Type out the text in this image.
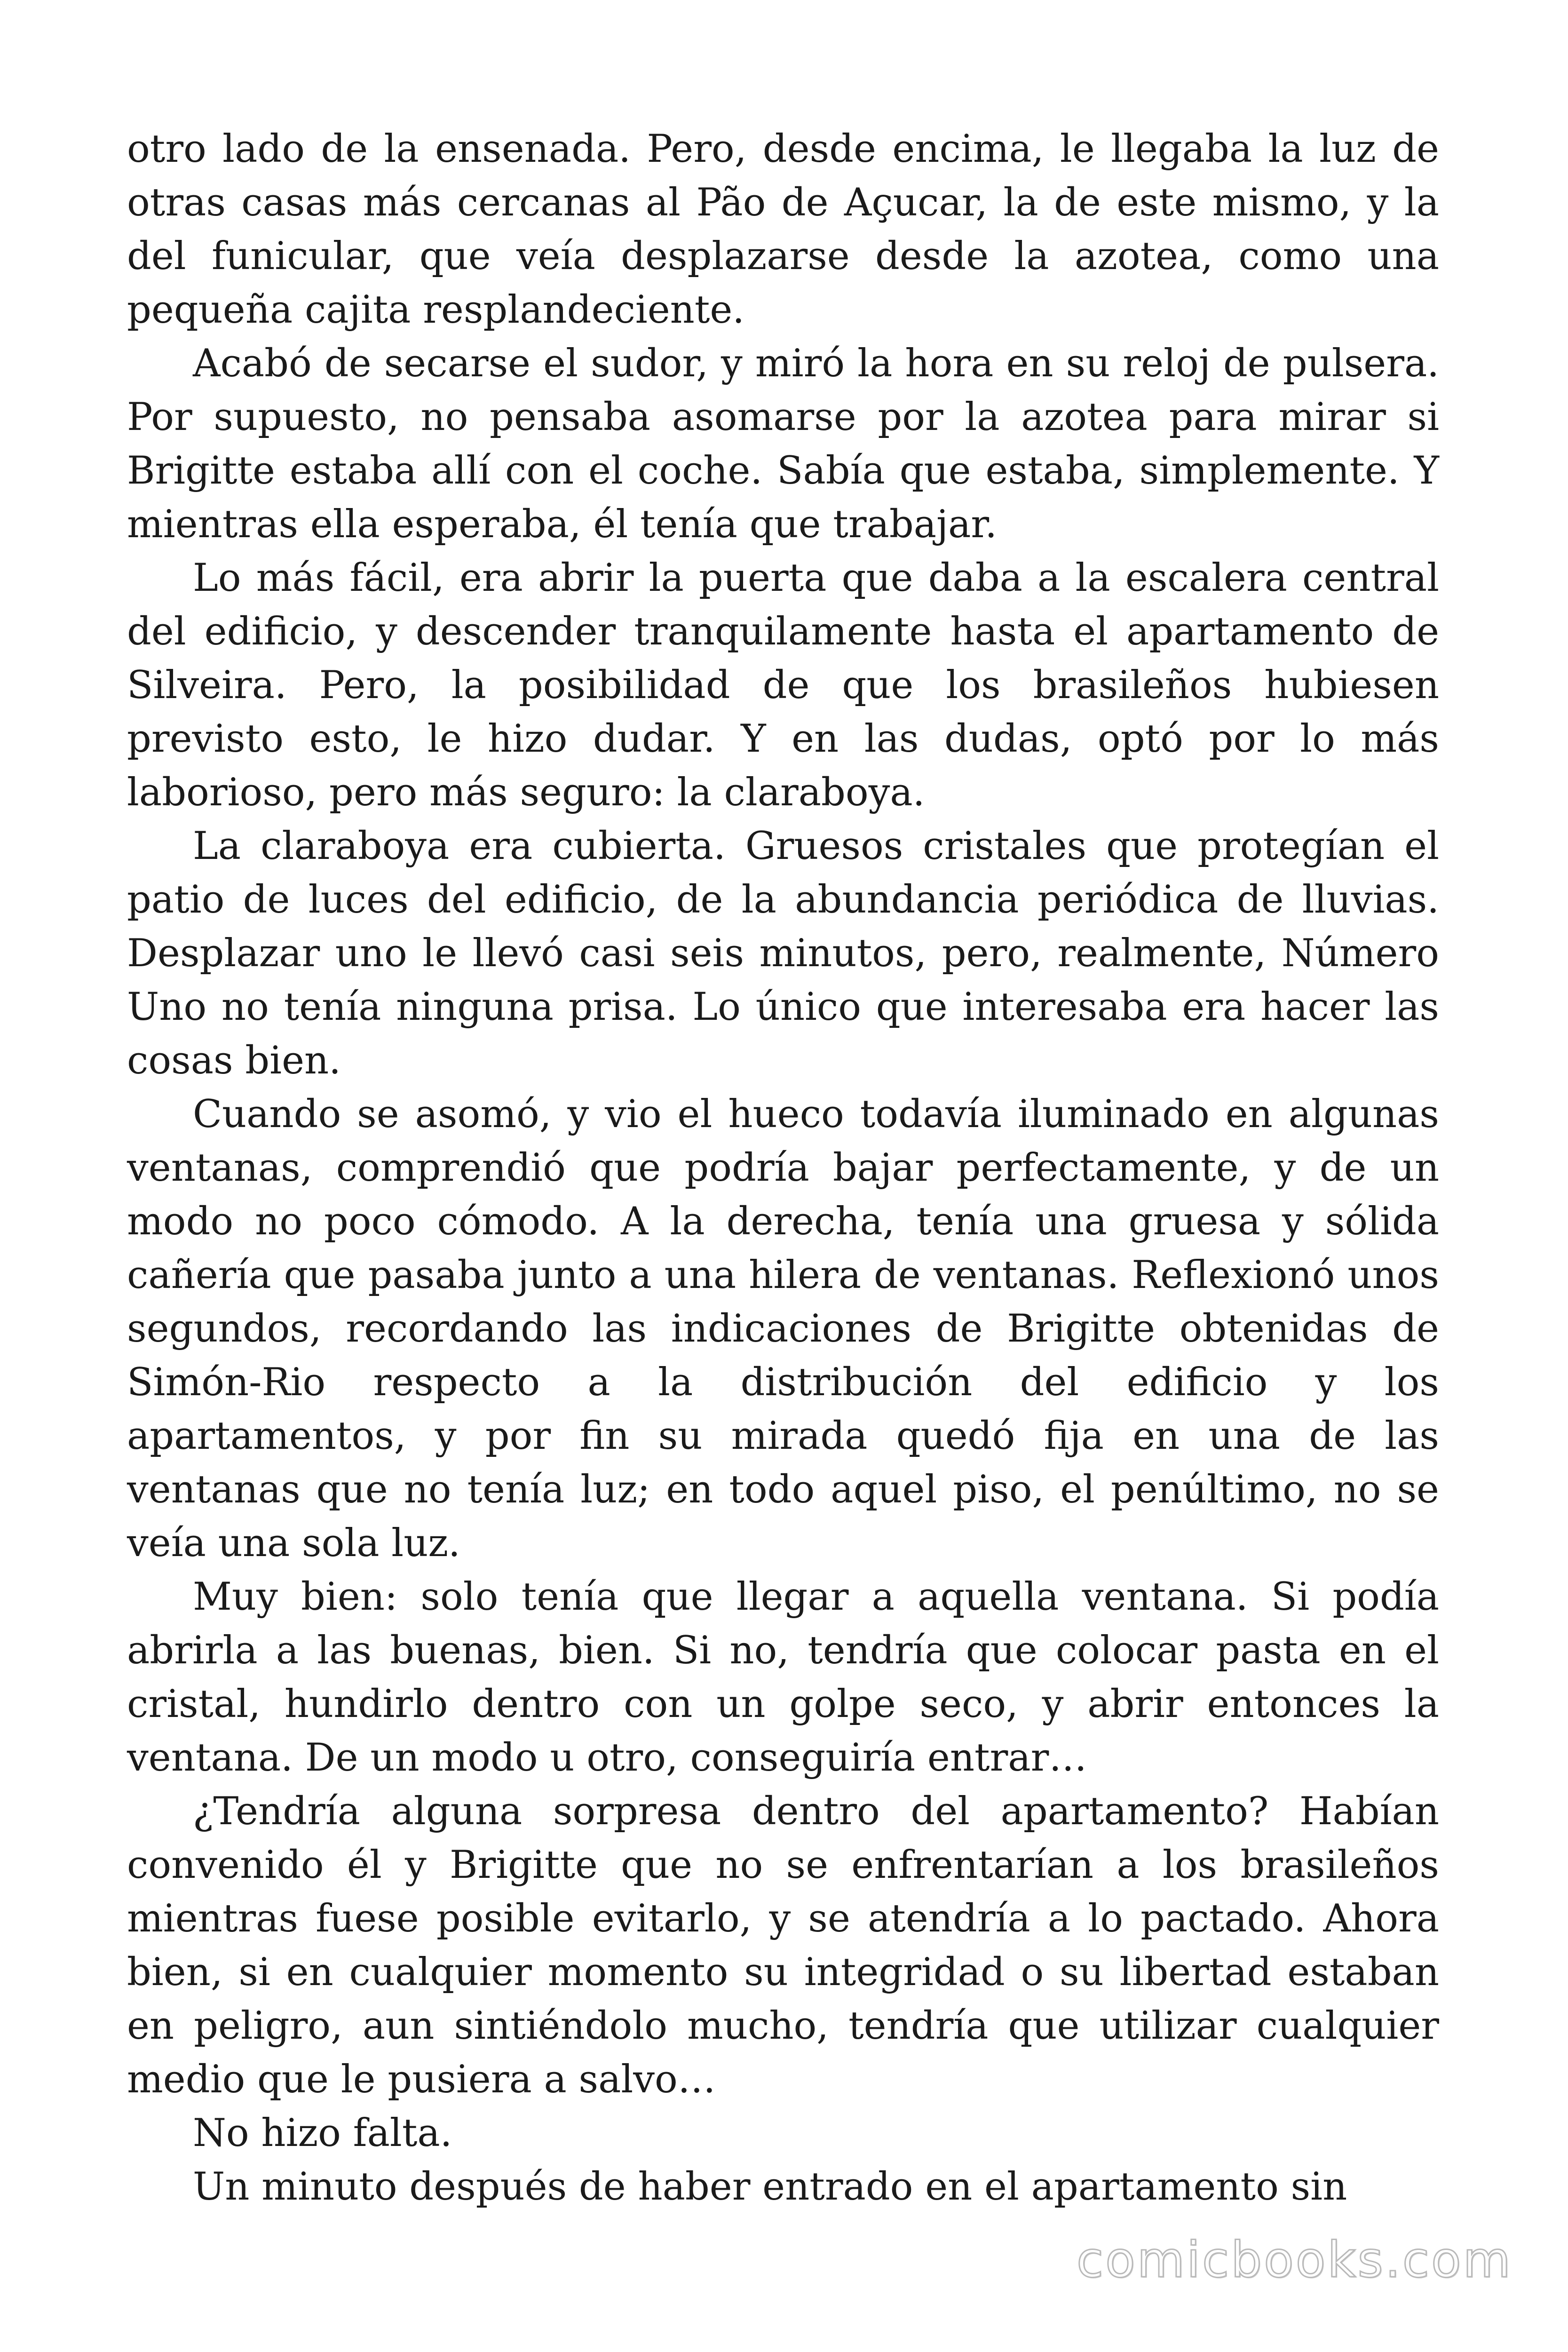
otro lado de la ensenada. Pero, desde encima, le llegaba la luz de otras casas más cercanas al Pão de Açucar, la de este mismo, y la del funicular, que veía desplazarse desde la azotea, como una pequeña cajita resplandeciente.

Acabó de secarse el sudor, y miró la hora en su reloj de pulsera. Por supuesto, no pensaba asomarse por la azotea para mirar si Brigitte estaba allí con el coche. Sabía que estaba, simplemente. Y mientras ella esperaba, él tenía que trabajar.

Lo más fácil, era abrir la puerta que daba a la escalera central del edificio, y descender tranquilamente hasta el apartamento de Silveira. Pero, la posibilidad de que los brasileños hubiesen previsto esto, le hizo dudar. Y en las dudas, optó por lo más laborioso, pero más seguro: la claraboya.

La claraboya era cubierta. Gruesos cristales que protegían el patio de luces del edificio, de la abundancia periódica de lluvias. Desplazar uno le llevó casi seis minutos, pero, realmente, Número Uno no tenía ninguna prisa. Lo único que interesaba era hacer las cosas bien.

Cuando se asomó, y vio el hueco todavía iluminado en algunas ventanas, comprendió que podría bajar perfectamente, y de un modo no poco cómodo. A la derecha, tenía una gruesa y sólida cañería que pasaba junto a una hilera de ventanas. Reflexionó unos segundos, recordando las indicaciones de Brigitte obtenidas de Simón-Rio respecto a la distribución del edificio y los apartamentos, y por fin su mirada quedó fija en una de las ventanas que no tenía luz; en todo aquel piso, el penúltimo, no se veía una sola luz.

Muy bien: solo tenía que llegar a aquella ventana. Si podía abrirla a las buenas, bien. Si no, tendría que colocar pasta en el cristal, hundirlo dentro con un golpe seco, y abrir entonces la ventana. De un modo u otro, conseguiría entrar…

¿Tendría alguna sorpresa dentro del apartamento? Habían convenido él y Brigitte que no se enfrentarían a los brasileños mientras fuese posible evitarlo, y se atendría a lo pactado. Ahora bien, si en cualquier momento su integridad o su libertad estaban en peligro, aun sintiéndolo mucho, tendría que utilizar cualquier medio que le pusiera a salvo…

No hizo falta.

Un minuto después de haber entrado en el apartamento sin

comicbooks.com
